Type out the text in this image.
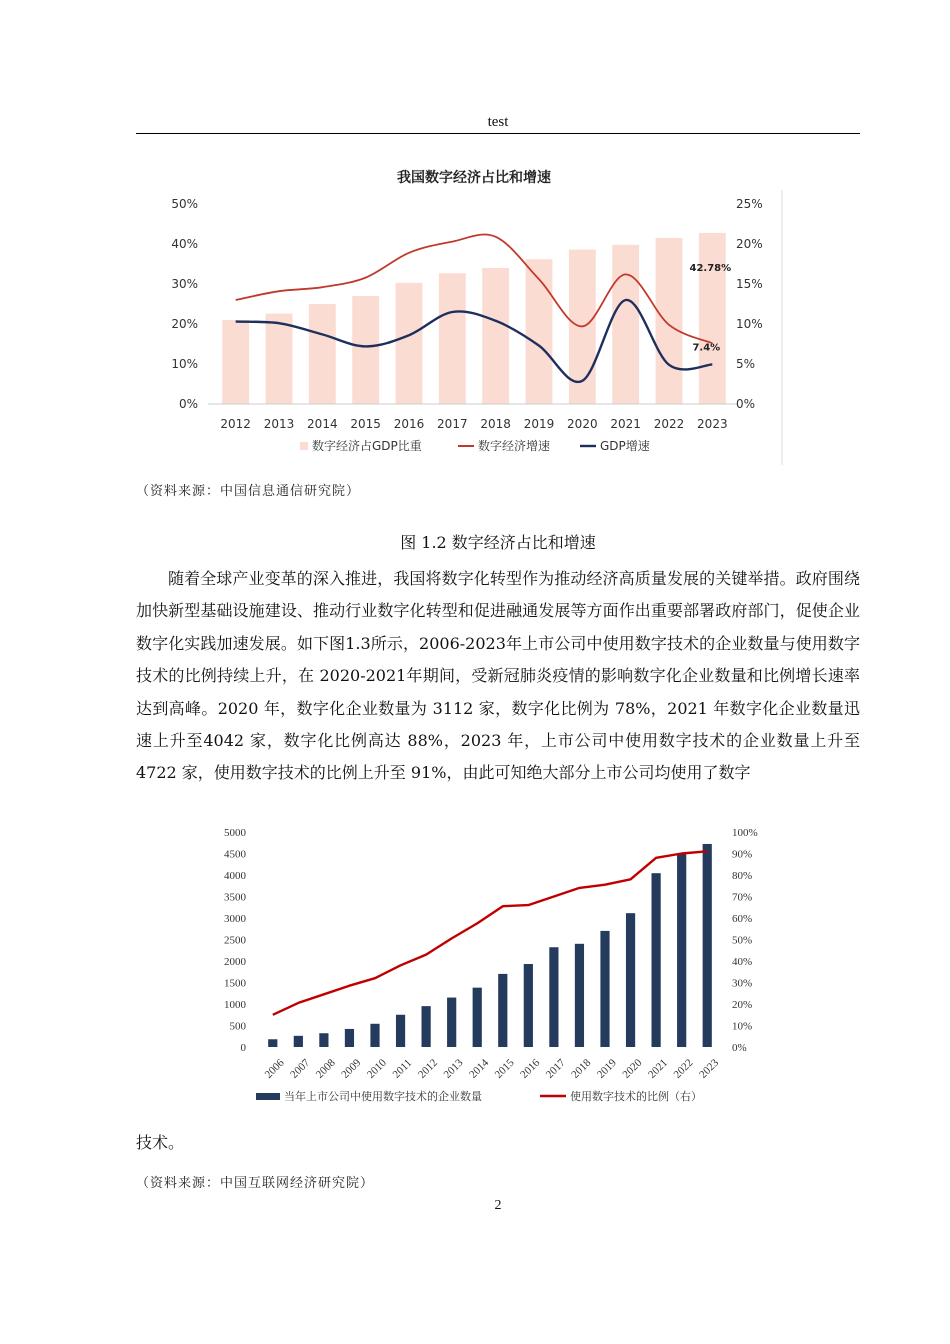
test
我国数字经济占比和增速
0%
10%
20%
30%
40%
50%
0%
5%
10%
15%
20%
25%
2012 2013 2014 2015 2016 2017 2018 2019 2020 2021 2022 2023
42.78%
7.4%
数字经济占GDP比重	数字经济增速	GDP增速
（资料来源：中国信息通信研究院）
图 1.2 数字经济占比和增速

随着全球产业变革的深入推进，我国将数字化转型作为推动经济高质量发展的关键举措。政府围绕加快新型基础设施建设、推动行业数字化转型和促进融通发展等方面作出重要部署政府部门，促使企业数字化实践加速发展。如下图1.3所示，2006-2023年上市公司中使用数字技术的企业数量与使用数字技术的比例持续上升，在 2020-2021年期间，受新冠肺炎疫情的影响数字化企业数量和比例增长速率达到高峰。2020 年，数字化企业数量为 3112 家，数字化比例为 78%，2021 年数字化企业数量迅速上升至4042 家，数字化比例高达 88%，2023 年，上市公司中使用数字技术的企业数量上升至4722 家，使用数字技术的比例上升至 91%，由此可知绝大部分上市公司均使用了数字

0
500
1000
1500
2000
2500
3000
3500
4000
4500
5000
0%
10%
20%
30%
40%
50%
60%
70%
80%
90%
100%
2006 2007 2008 2009 2010 2011 2012 2013 2014 2015 2016 2017 2018 2019 2020 2021 2022 2023
当年上市公司中使用数字技术的企业数量	使用数字技术的比例（右）
技术。
（资料来源：中国互联网经济研究院）
2
